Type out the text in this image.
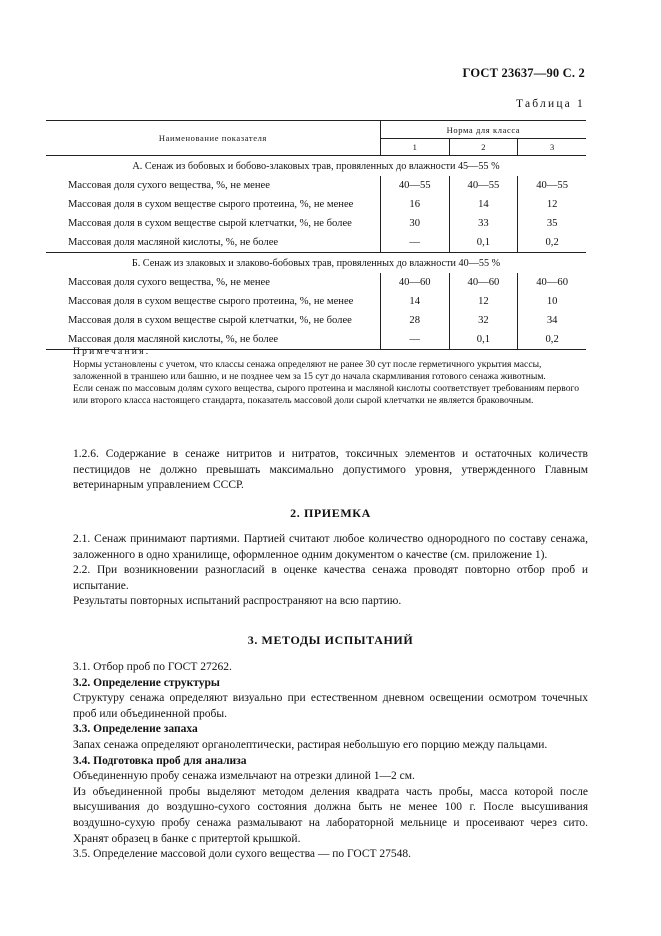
ГОСТ 23637—90 С. 2
Таблица 1
Наименование показателя	Норма для класса		
	1	2	3
А. Сенаж из бобовых и бобово-злаковых трав, провяленных до влажности 45—55 %			
Массовая доля сухого вещества, %, не менее	40—55	40—55	40—55
Массовая доля в сухом веществе сырого протеина, %, не менее	16	14	12
Массовая доля в сухом веществе сырой клетчатки, %, не более	30	33	35
Массовая доля масляной кислоты, %, не более	—	0,1	0,2
Б. Сенаж из злаковых и злаково-бобовых трав, провяленных до влажности 40—55 %			
Массовая доля сухого вещества, %, не менее	40—60	40—60	40—60
Массовая доля в сухом веществе сырого протеина, %, не менее	14	12	10
Массовая доля в сухом веществе сырой клетчатки, %, не более	28	32	34
Массовая доля масляной кислоты, %, не более	—	0,1	0,2
Примечания.

Нормы установлены с учетом, что классы сенажа определяют не ранее 30 сут после герметичного укрытия массы, заложенной в траншею или башню, и не позднее чем за 15 сут до начала скармливания готового сенажа животным.

Если сенаж по массовым долям сухого вещества, сырого протеина и масляной кислоты соответствует требованиям первого или второго класса настоящего стандарта, показатель массовой доли сырой клетчатки не является браковочным.

1.2.6. Содержание в сенаже нитритов и нитратов, токсичных элементов и остаточных количеств пестицидов не должно превышать максимально допустимого уровня, утвержденного Главным ветеринарным управлением СССР.

2. ПРИЕМКА

2.1. Сенаж принимают партиями. Партией считают любое количество однородного по составу сенажа, заложенного в одно хранилище, оформленное одним документом о качестве (см. приложение 1).

2.2. При возникновении разногласий в оценке качества сенажа проводят повторно отбор проб и испытание.

Результаты повторных испытаний распространяют на всю партию.

3. МЕТОДЫ ИСПЫТАНИЙ

3.1. Отбор проб по ГОСТ 27262.

3.2. Определение структуры

Структуру сенажа определяют визуально при естественном дневном освещении осмотром точечных проб или объединенной пробы.

3.3. Определение запаха

Запах сенажа определяют органолептически, растирая небольшую его порцию между пальцами.

3.4. Подготовка проб для анализа

Объединенную пробу сенажа измельчают на отрезки длиной 1—2 см.

Из объединенной пробы выделяют методом деления квадрата часть пробы, масса которой после высушивания до воздушно-сухого состояния должна быть не менее 100 г. После высушивания воздушно-сухую пробу сенажа размалывают на лабораторной мельнице и просеивают через сито. Хранят образец в банке с притертой крышкой.

3.5. Определение массовой доли сухого вещества — по ГОСТ 27548.
